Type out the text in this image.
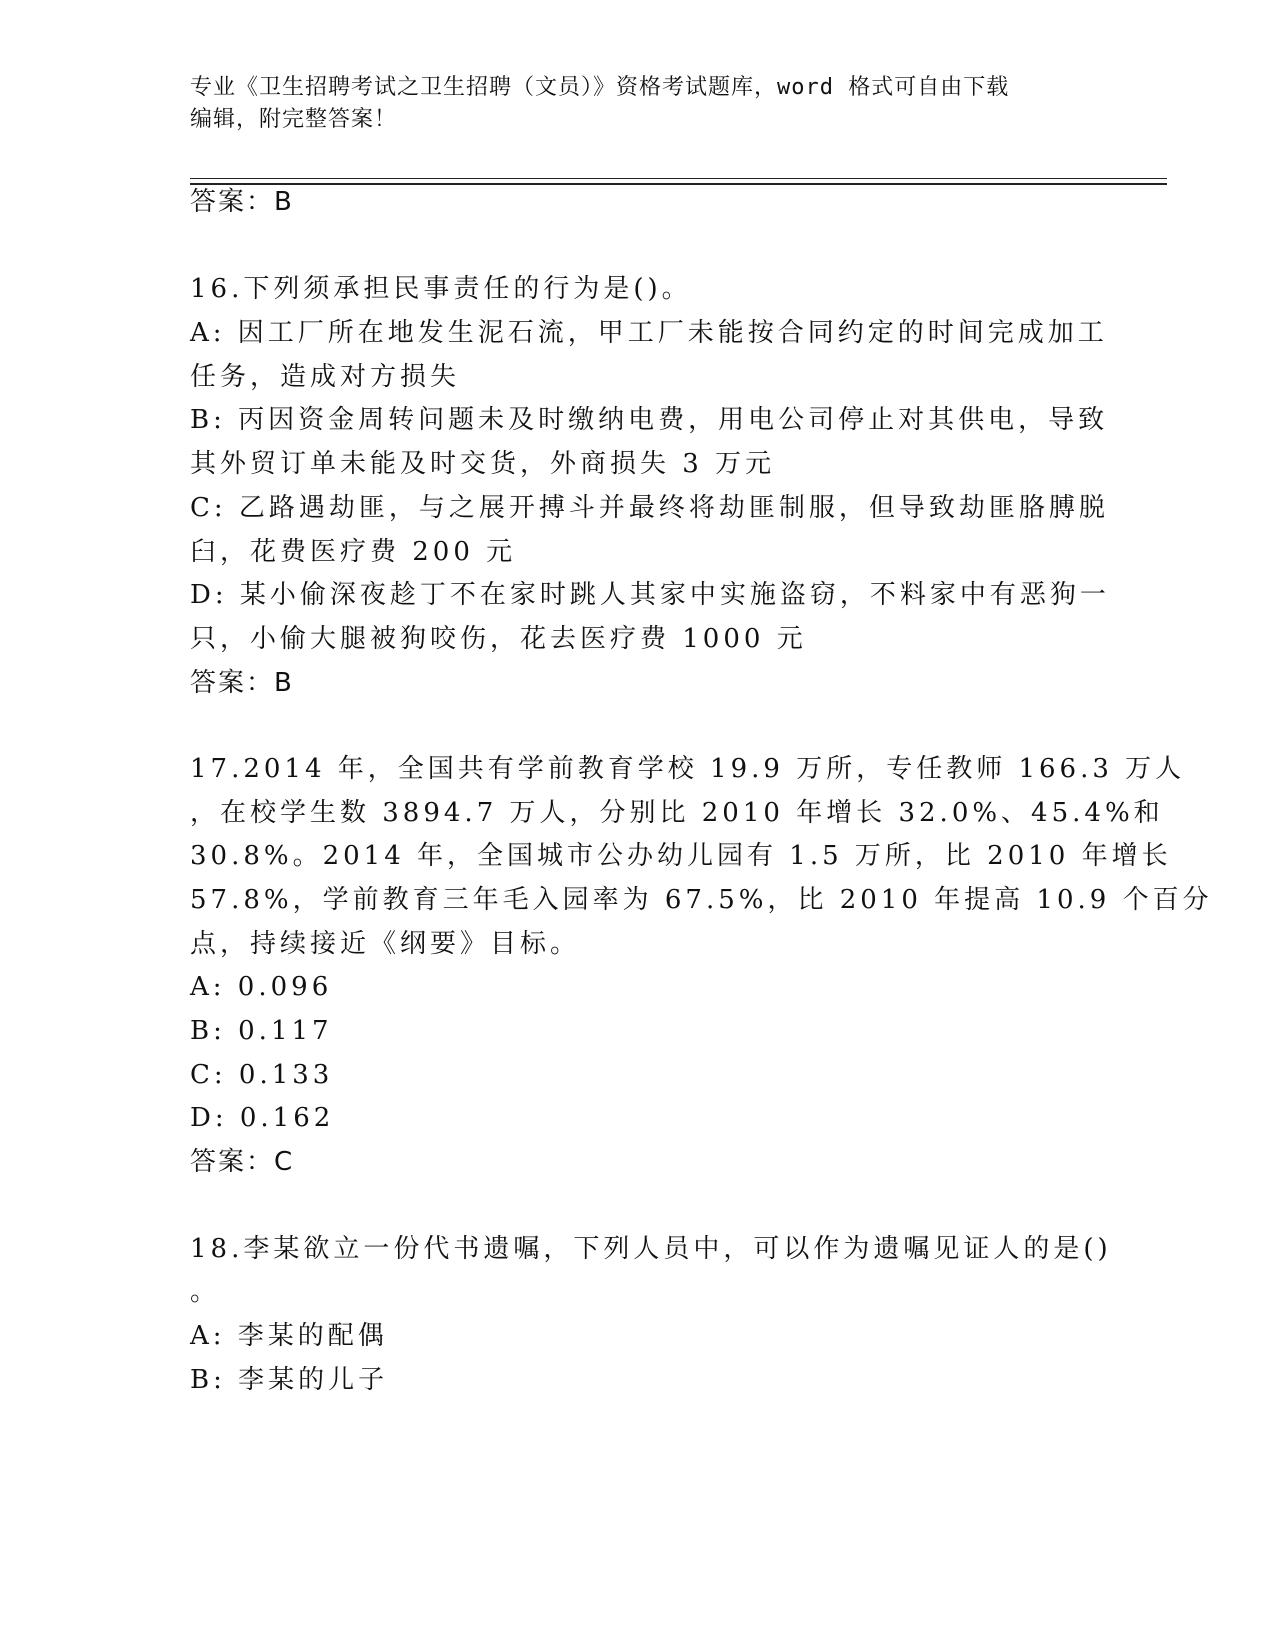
专业《卫生招聘考试之卫生招聘（文员）》资格考试题库，word 格式可自由下载
编辑，附完整答案！

答案：B

16.下列须承担民事责任的行为是()。

A: 因工厂所在地发生泥石流，甲工厂未能按合同约定的时间完成加工

任务，造成对方损失

B: 丙因资金周转问题未及时缴纳电费，用电公司停止对其供电，导致

其外贸订单未能及时交货，外商损失 3 万元

C: 乙路遇劫匪，与之展开搏斗并最终将劫匪制服，但导致劫匪胳膊脱

臼，花费医疗费 200 元

D: 某小偷深夜趁丁不在家时跳人其家中实施盗窃，不料家中有恶狗一

只，小偷大腿被狗咬伤，花去医疗费 1000 元

答案：B

17.2014 年，全国共有学前教育学校 19.9 万所，专任教师 166.3 万人

，在校学生数 3894.7 万人，分别比 2010 年增长 32.0%、45.4%和

30.8%。2014 年，全国城市公办幼儿园有 1.5 万所，比 2010 年增长

57.8%，学前教育三年毛入园率为 67.5%，比 2010 年提高 10.9 个百分

点，持续接近《纲要》目标。

A: 0.096

B: 0.117

C: 0.133

D: 0.162

答案：C

18.李某欲立一份代书遗嘱，下列人员中，可以作为遗嘱见证人的是()

。

A: 李某的配偶

B: 李某的儿子
